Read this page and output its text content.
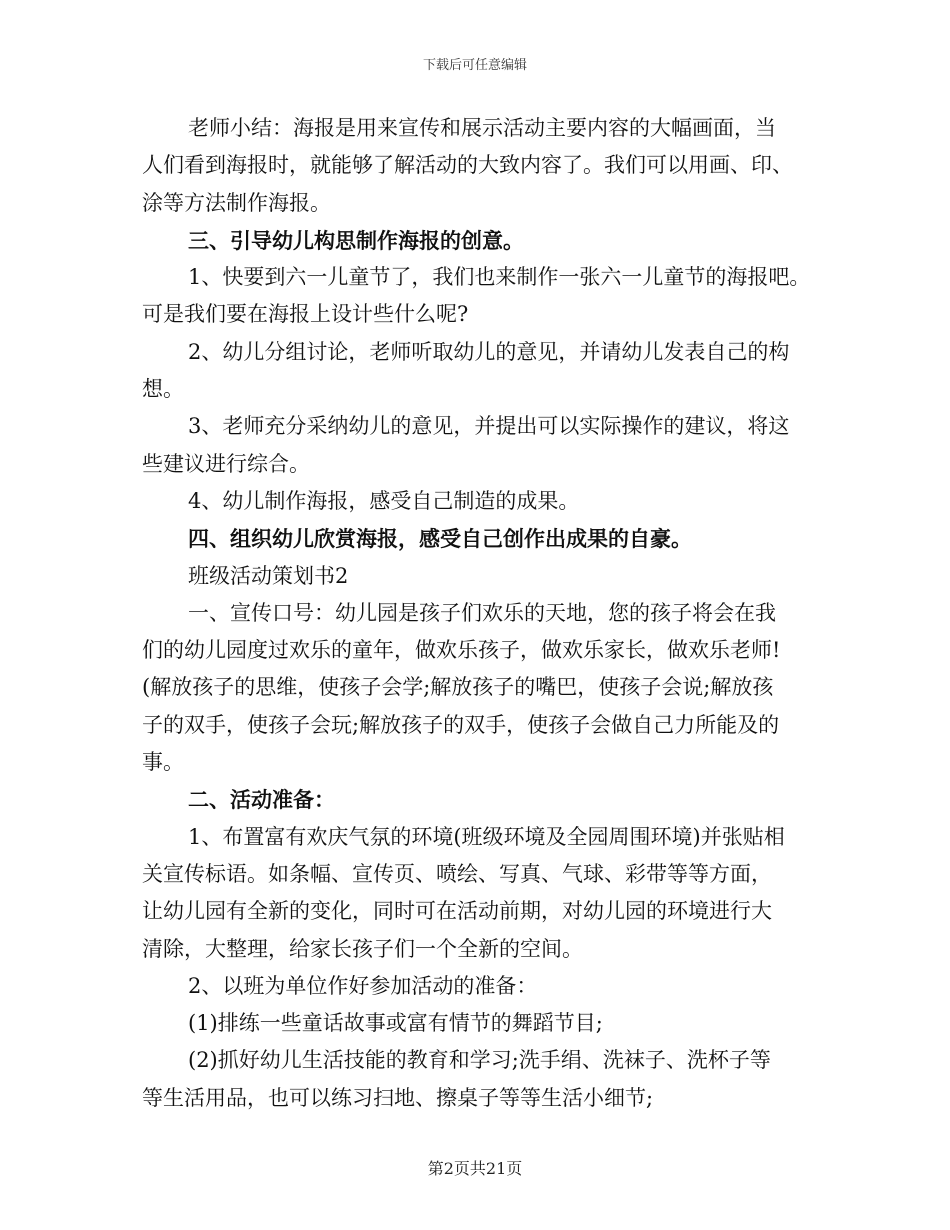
下载后可任意编辑
老师小结：海报是用来宣传和展示活动主要内容的大幅画面，当
人们看到海报时，就能够了解活动的大致内容了。我们可以用画、印、
涂等方法制作海报。
三、引导幼儿构思制作海报的创意。
1、快要到六一儿童节了，我们也来制作一张六一儿童节的海报吧。
可是我们要在海报上设计些什么呢?
2、幼儿分组讨论，老师听取幼儿的意见，并请幼儿发表自己的构
想。
3、老师充分采纳幼儿的意见，并提出可以实际操作的建议，将这
些建议进行综合。
4、幼儿制作海报，感受自己制造的成果。
四、组织幼儿欣赏海报，感受自己创作出成果的自豪。
班级活动策划书2
一、宣传口号：幼儿园是孩子们欢乐的天地，您的孩子将会在我
们的幼儿园度过欢乐的童年，做欢乐孩子，做欢乐家长，做欢乐老师!
(解放孩子的思维，使孩子会学;解放孩子的嘴巴，使孩子会说;解放孩
子的双手，使孩子会玩;解放孩子的双手，使孩子会做自己力所能及的
事。
二、活动准备：
1、布置富有欢庆气氛的环境(班级环境及全园周围环境)并张贴相
关宣传标语。如条幅、宣传页、喷绘、写真、气球、彩带等等方面，
让幼儿园有全新的变化，同时可在活动前期，对幼儿园的环境进行大
清除，大整理，给家长孩子们一个全新的空间。
2、以班为单位作好参加活动的准备：
(1)排练一些童话故事或富有情节的舞蹈节目;
(2)抓好幼儿生活技能的教育和学习;洗手绢、洗袜子、洗杯子等
等生活用品，也可以练习扫地、擦桌子等等生活小细节;
第2页共21页
